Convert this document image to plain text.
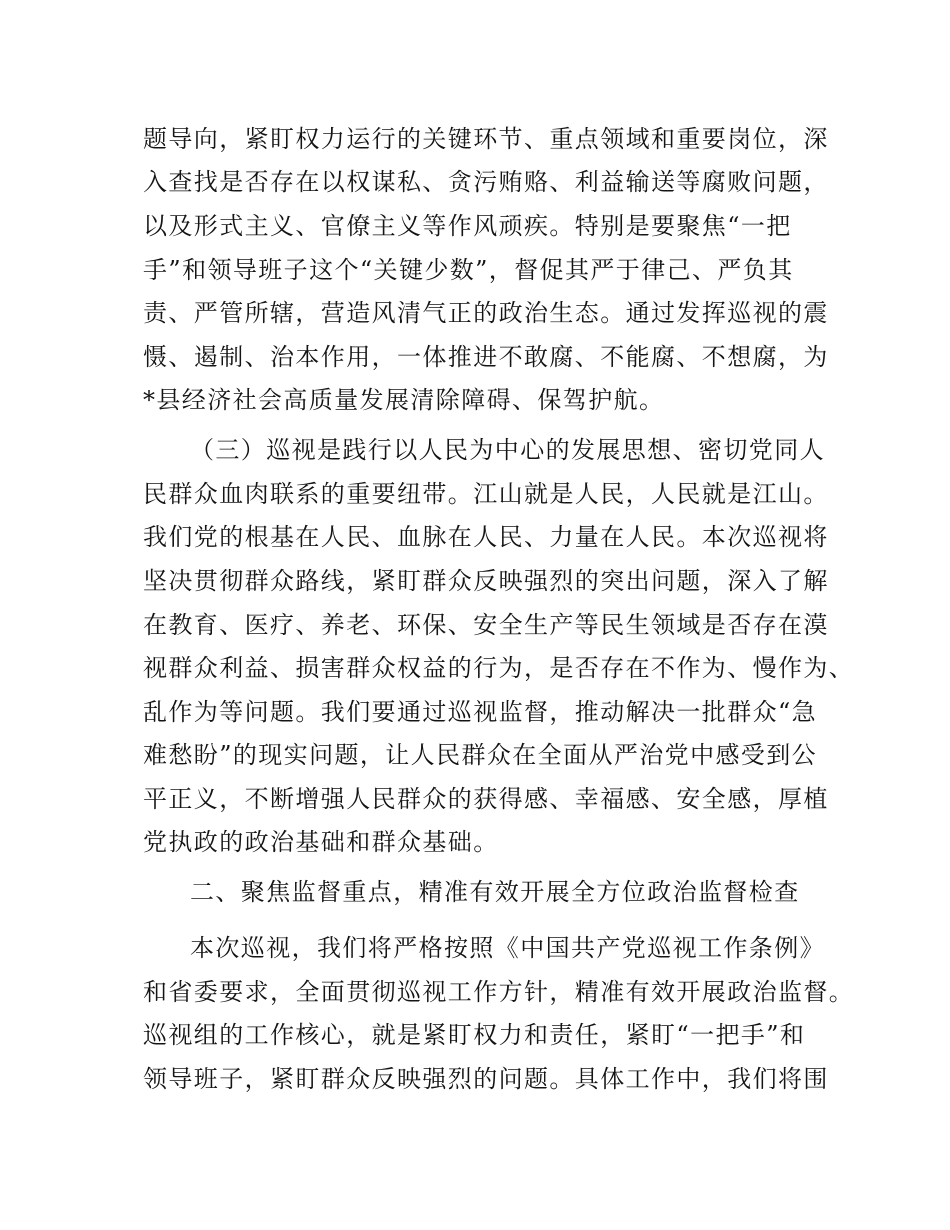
题导向，紧盯权力运行的关键环节、重点领域和重要岗位，深
入查找是否存在以权谋私、贪污贿赂、利益输送等腐败问题，
以及形式主义、官僚主义等作风顽疾。特别是要聚焦“一把
手”和领导班子这个“关键少数”，督促其严于律己、严负其
责、严管所辖，营造风清气正的政治生态。通过发挥巡视的震
慑、遏制、治本作用，一体推进不敢腐、不能腐、不想腐，为
*县经济社会高质量发展清除障碍、保驾护航。
（三）巡视是践行以人民为中心的发展思想、密切党同人
民群众血肉联系的重要纽带。江山就是人民，人民就是江山。
我们党的根基在人民、血脉在人民、力量在人民。本次巡视将
坚决贯彻群众路线，紧盯群众反映强烈的突出问题，深入了解
在教育、医疗、养老、环保、安全生产等民生领域是否存在漠
视群众利益、损害群众权益的行为，是否存在不作为、慢作为、
乱作为等问题。我们要通过巡视监督，推动解决一批群众“急
难愁盼”的现实问题，让人民群众在全面从严治党中感受到公
平正义，不断增强人民群众的获得感、幸福感、安全感，厚植
党执政的政治基础和群众基础。
二、聚焦监督重点，精准有效开展全方位政治监督检查
本次巡视，我们将严格按照《中国共产党巡视工作条例》
和省委要求，全面贯彻巡视工作方针，精准有效开展政治监督。
巡视组的工作核心，就是紧盯权力和责任，紧盯“一把手”和
领导班子，紧盯群众反映强烈的问题。具体工作中，我们将围
